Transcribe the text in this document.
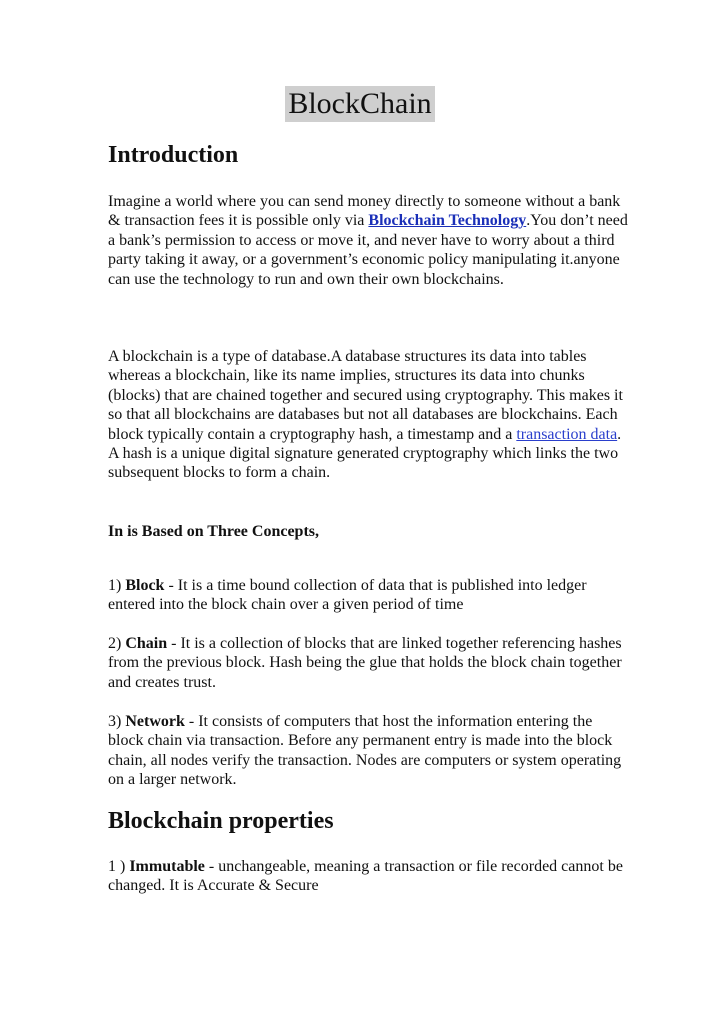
BlockChain
Introduction

Imagine a world where you can send money directly to someone without a bank & transaction fees it is possible only via Blockchain Technology.You don’t need a bank’s permission to access or move it, and never have to worry about a third party taking it away, or a government’s economic policy manipulating it.anyone can use the technology to run and own their own blockchains.

A blockchain is a type of database.A database structures its data into tables whereas a blockchain, like its name implies, structures its data into chunks (blocks) that are chained together and secured using cryptography. This makes it so that all blockchains are databases but not all databases are blockchains. Each block typically contain a cryptography hash, a timestamp and a transaction data. A hash is a unique digital signature generated cryptography which links the two subsequent blocks to form a chain.

In is Based on Three Concepts,

1) Block - It is a time bound collection of data that is published into ledger entered into the block chain over a given period of time

2) Chain - It is a collection of blocks that are linked together referencing hashes from the previous block. Hash being the glue that holds the block chain together and creates trust.

3) Network - It consists of computers that host the information entering the block chain via transaction. Before any permanent entry is made into the block chain, all nodes verify the transaction. Nodes are computers or system operating on a larger network.

Blockchain properties

1 ) Immutable - unchangeable, meaning a transaction or file recorded cannot be changed. It is Accurate & Secure
